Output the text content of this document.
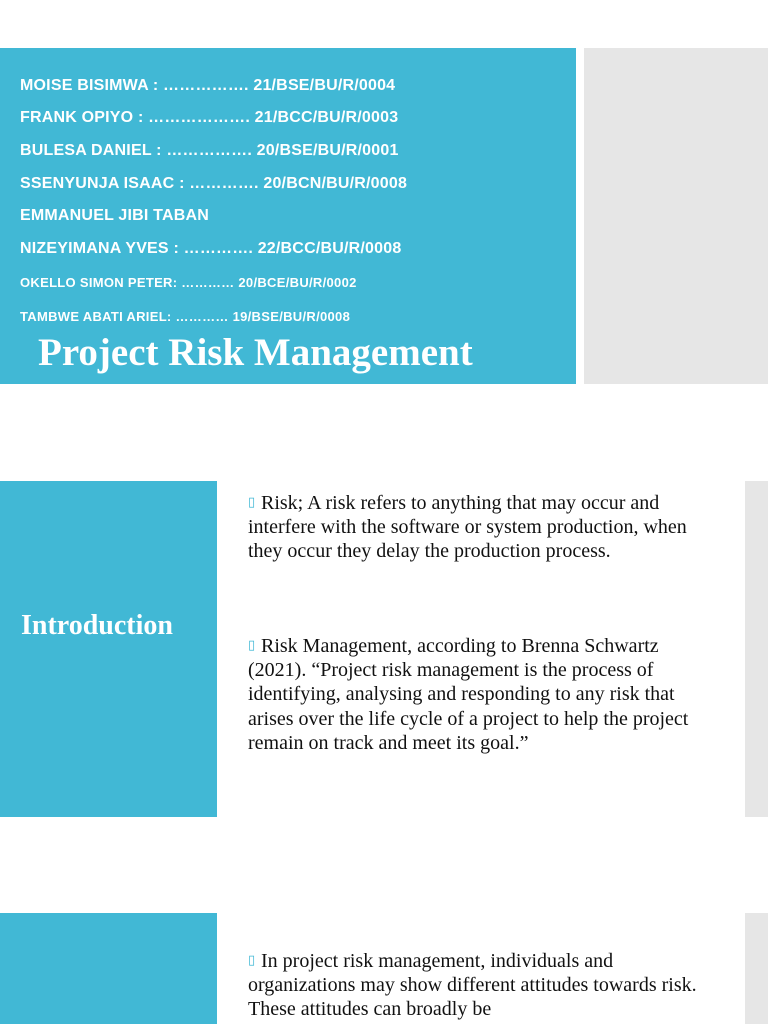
MOISE BISIMWA : ……………. 21/BSE/BU/R/0004
FRANK OPIYO : ………………. 21/BCC/BU/R/0003
BULESA DANIEL : ……………. 20/BSE/BU/R/0001
SSENYUNJA ISAAC : …………. 20/BCN/BU/R/0008
EMMANUEL JIBI TABAN
NIZEYIMANA YVES : …………. 22/BCC/BU/R/0008
OKELLO SIMON PETER: ………… 20/BCE/BU/R/0002
TAMBWE ABATI ARIEL: ………… 19/BSE/BU/R/0008
Project Risk Management
Introduction
▯ Risk; A risk refers to anything that may occur and interfere with the software or system production, when they occur they delay the production process.
▯ Risk Management, according to Brenna Schwartz (2021). “Project risk management is the process of identifying, analysing and responding to any risk that arises over the life cycle of a project to help the project remain on track and meet its goal.”
▯ In project risk management, individuals and organizations may show different attitudes towards risk. These attitudes can broadly be
